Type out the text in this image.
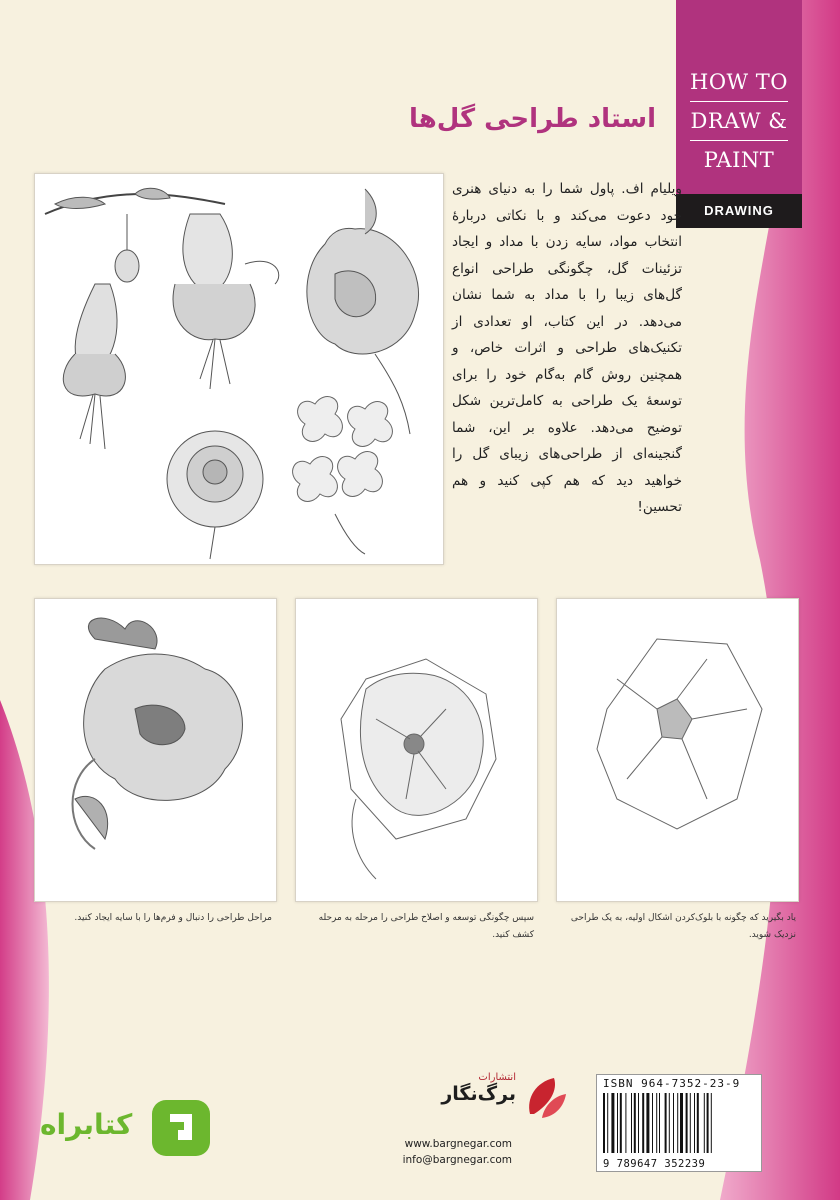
HOW TO
DRAW &
PAINT
DRAWING
استاد طراحی گل‌ها
ویلیام اف. پاول شما را به دنیای هنری خود دعوت می‌کند و با نکاتی دربارهٔ انتخاب مواد، سایه زدن با مداد و ایجاد تزئینات گل، چگونگی طراحی انواع گل‌های زیبا را با مداد به شما نشان می‌دهد. در این کتاب، او تعدادی از تکنیک‌های طراحی و اثرات خاص، و همچنین روش گام به‌گام خود را برای توسعهٔ یک طراحی به کامل‌ترین شکل توضیح می‌دهد. علاوه بر این، شما گنجینه‌ای از طراحی‌های زیبای گل را خواهید دید که هم کپی کنید و هم تحسین!
مراحل طراحی را دنبال و فرم‌ها را با سایه ایجاد کنید.	سپس چگونگی توسعه و اصلاح طراحی را مرحله به مرحله کشف کنید.
یاد بگیرید که چگونه با بلوک‌کردن اشکال اولیه، به یک طراحی نزدیک شوید.
انتشارات
برگ‌نگار
www.bargnegar.com
info@bargnegar.com
ISBN 964-7352-23-9
9 789647 352239
کتابراه
